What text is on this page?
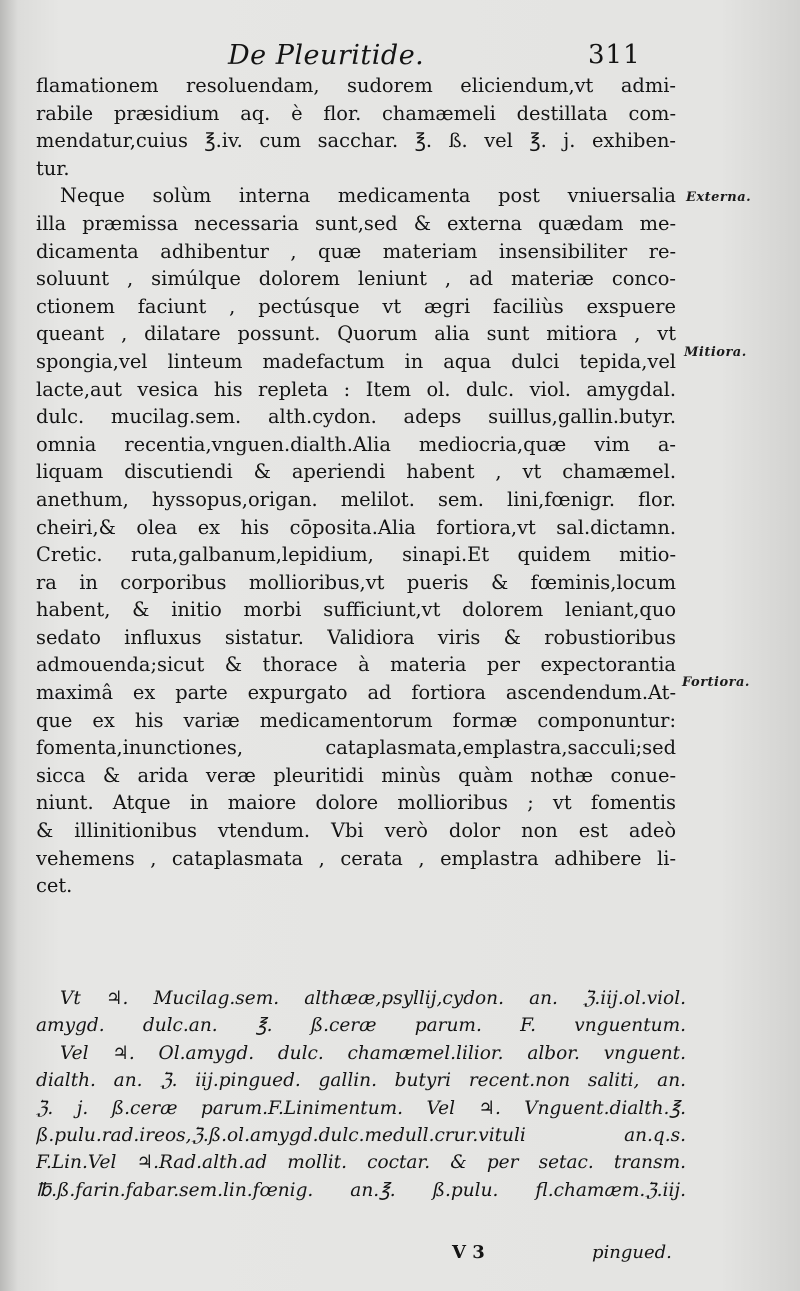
De Pleuritide.	311
flamationem resoluendam, sudorem eliciendum,vt admi-
rabile præsidium aq. è flor. chamæmeli destillata com-
mendatur,cuius ℥.iv. cum sacchar. ℥. ß. vel ℥. j. exhiben-
tur.
Neque solùm interna medicamenta post vniuersalia
illa præmissa necessaria sunt,sed & externa quædam me-
dicamenta adhibentur , quæ materiam insensibiliter re-
soluunt , simúlque dolorem leniunt , ad materiæ conco-
ctionem faciunt , pectúsque vt ægri faciliùs exspuere
queant , dilatare possunt. Quorum alia sunt mitiora , vt
spongia,vel linteum madefactum in aqua dulci tepida,vel
lacte,aut vesica his repleta : Item ol. dulc. viol. amygdal.
dulc. mucilag.sem. alth.cydon. adeps suillus,gallin.butyr.
omnia recentia,vnguen.dialth.Alia mediocria,quæ vim a-
liquam discutiendi & aperiendi habent , vt chamæmel.
anethum, hyssopus,origan. melilot. sem. lini,fœnigr. flor.
cheiri,& olea ex his cōposita.Alia fortiora,vt sal.dictamn.
Cretic. ruta,galbanum,lepidium, sinapi.Et quidem mitio-
ra in corporibus mollioribus,vt pueris & fœminis,locum
habent, & initio morbi sufficiunt,vt dolorem leniant,quo
sedato influxus sistatur. Validiora viris & robustioribus
admouenda;sicut & thorace à materia per expectorantia
maximâ ex parte expurgato ad fortiora ascendendum.At-
que ex his variæ medicamentorum formæ componuntur:
fomenta,inunctiones, cataplasmata,emplastra,sacculi;sed
sicca & arida veræ pleuritidi minùs quàm nothæ conue-
niunt. Atque in maiore dolore mollioribus ; vt fomentis
& illinitionibus vtendum. Vbi verò dolor non est adeò
vehemens , cataplasmata , cerata , emplastra adhibere li-
cet.
Externa.
Mitiora.
Fortiora.
Vt ♃. Mucilag.sem. althææ,psyllij,cydon. an. ℨ.iij.ol.viol.
amygd. dulc.an. ℥. ß.ceræ parum. F. vnguentum.
Vel ♃. Ol.amygd. dulc. chamæmel.lilior. albor. vnguent.
dialth. an. ℨ. iij.pingued. gallin. butyri recent.non saliti, an.
ℨ. j. ß.ceræ parum.F.Linimentum. Vel ♃. Vnguent.dialth.℥.
ß.pulu.rad.ireos,ℨ.ß.ol.amygd.dulc.medull.crur.vituli an.q.s.
F.Lin.Vel ♃.Rad.alth.ad mollit. coctar. & per setac. transm.
℔.ß.farin.fabar.sem.lin.fœnig. an.℥. ß.pulu. fl.chamæm.ℨ.iij.
V 3	pingued.
